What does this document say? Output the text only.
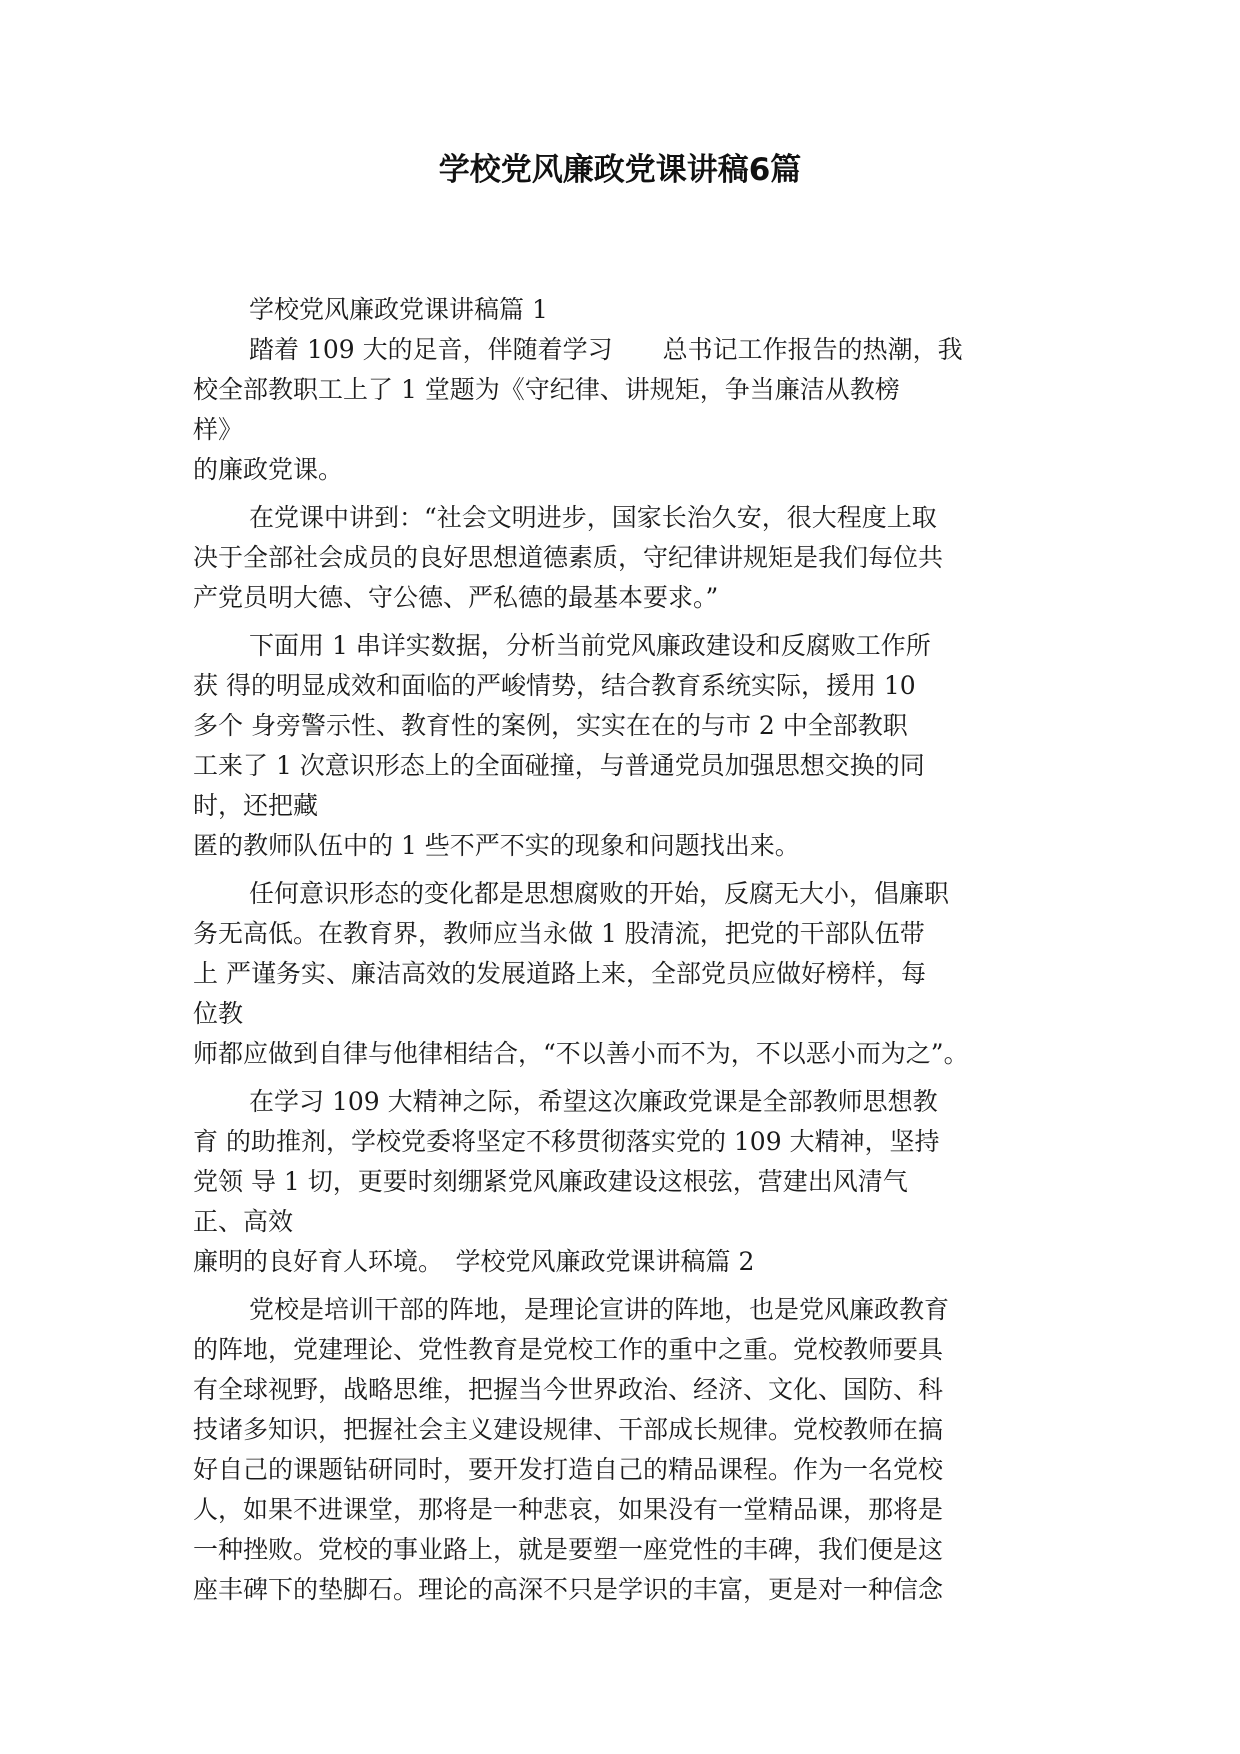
学校党风廉政党课讲稿6篇
学校党风廉政党课讲稿篇 1
踏着 109 大的足音，伴随着学习　　总书记工作报告的热潮，我
校全部教职工上了 1 堂题为《守纪律、讲规矩，争当廉洁从教榜
样》
的廉政党课。
在党课中讲到：“社会文明进步，国家长治久安，很大程度上取
决于全部社会成员的良好思想道德素质，守纪律讲规矩是我们每位共
产党员明大德、守公德、严私德的最基本要求。”
下面用 1 串详实数据，分析当前党风廉政建设和反腐败工作所
获 得的明显成效和面临的严峻情势，结合教育系统实际，援用 10
多个 身旁警示性、教育性的案例，实实在在的与市 2 中全部教职
工来了 1 次意识形态上的全面碰撞，与普通党员加强思想交换的同
时，还把藏
匿的教师队伍中的 1 些不严不实的现象和问题找出来。
任何意识形态的变化都是思想腐败的开始，反腐无大小，倡廉职
务无高低。在教育界，教师应当永做 1 股清流，把党的干部队伍带
上 严谨务实、廉洁高效的发展道路上来，全部党员应做好榜样，每
位教
师都应做到自律与他律相结合，“不以善小而不为，不以恶小而为之”。
在学习 109 大精神之际，希望这次廉政党课是全部教师思想教
育 的助推剂，学校党委将坚定不移贯彻落实党的 109 大精神，坚持
党领 导 1 切，更要时刻绷紧党风廉政建设这根弦，营建出风清气
正、高效
廉明的良好育人环境。　学校党风廉政党课讲稿篇 2
党校是培训干部的阵地，是理论宣讲的阵地，也是党风廉政教育
的阵地，党建理论、党性教育是党校工作的重中之重。党校教师要具
有全球视野，战略思维，把握当今世界政治、经济、文化、国防、科
技诸多知识，把握社会主义建设规律、干部成长规律。党校教师在搞
好自己的课题钻研同时，要开发打造自己的精品课程。作为一名党校
人，如果不进课堂，那将是一种悲哀，如果没有一堂精品课，那将是
一种挫败。党校的事业路上，就是要塑一座党性的丰碑，我们便是这
座丰碑下的垫脚石。理论的高深不只是学识的丰富，更是对一种信念
